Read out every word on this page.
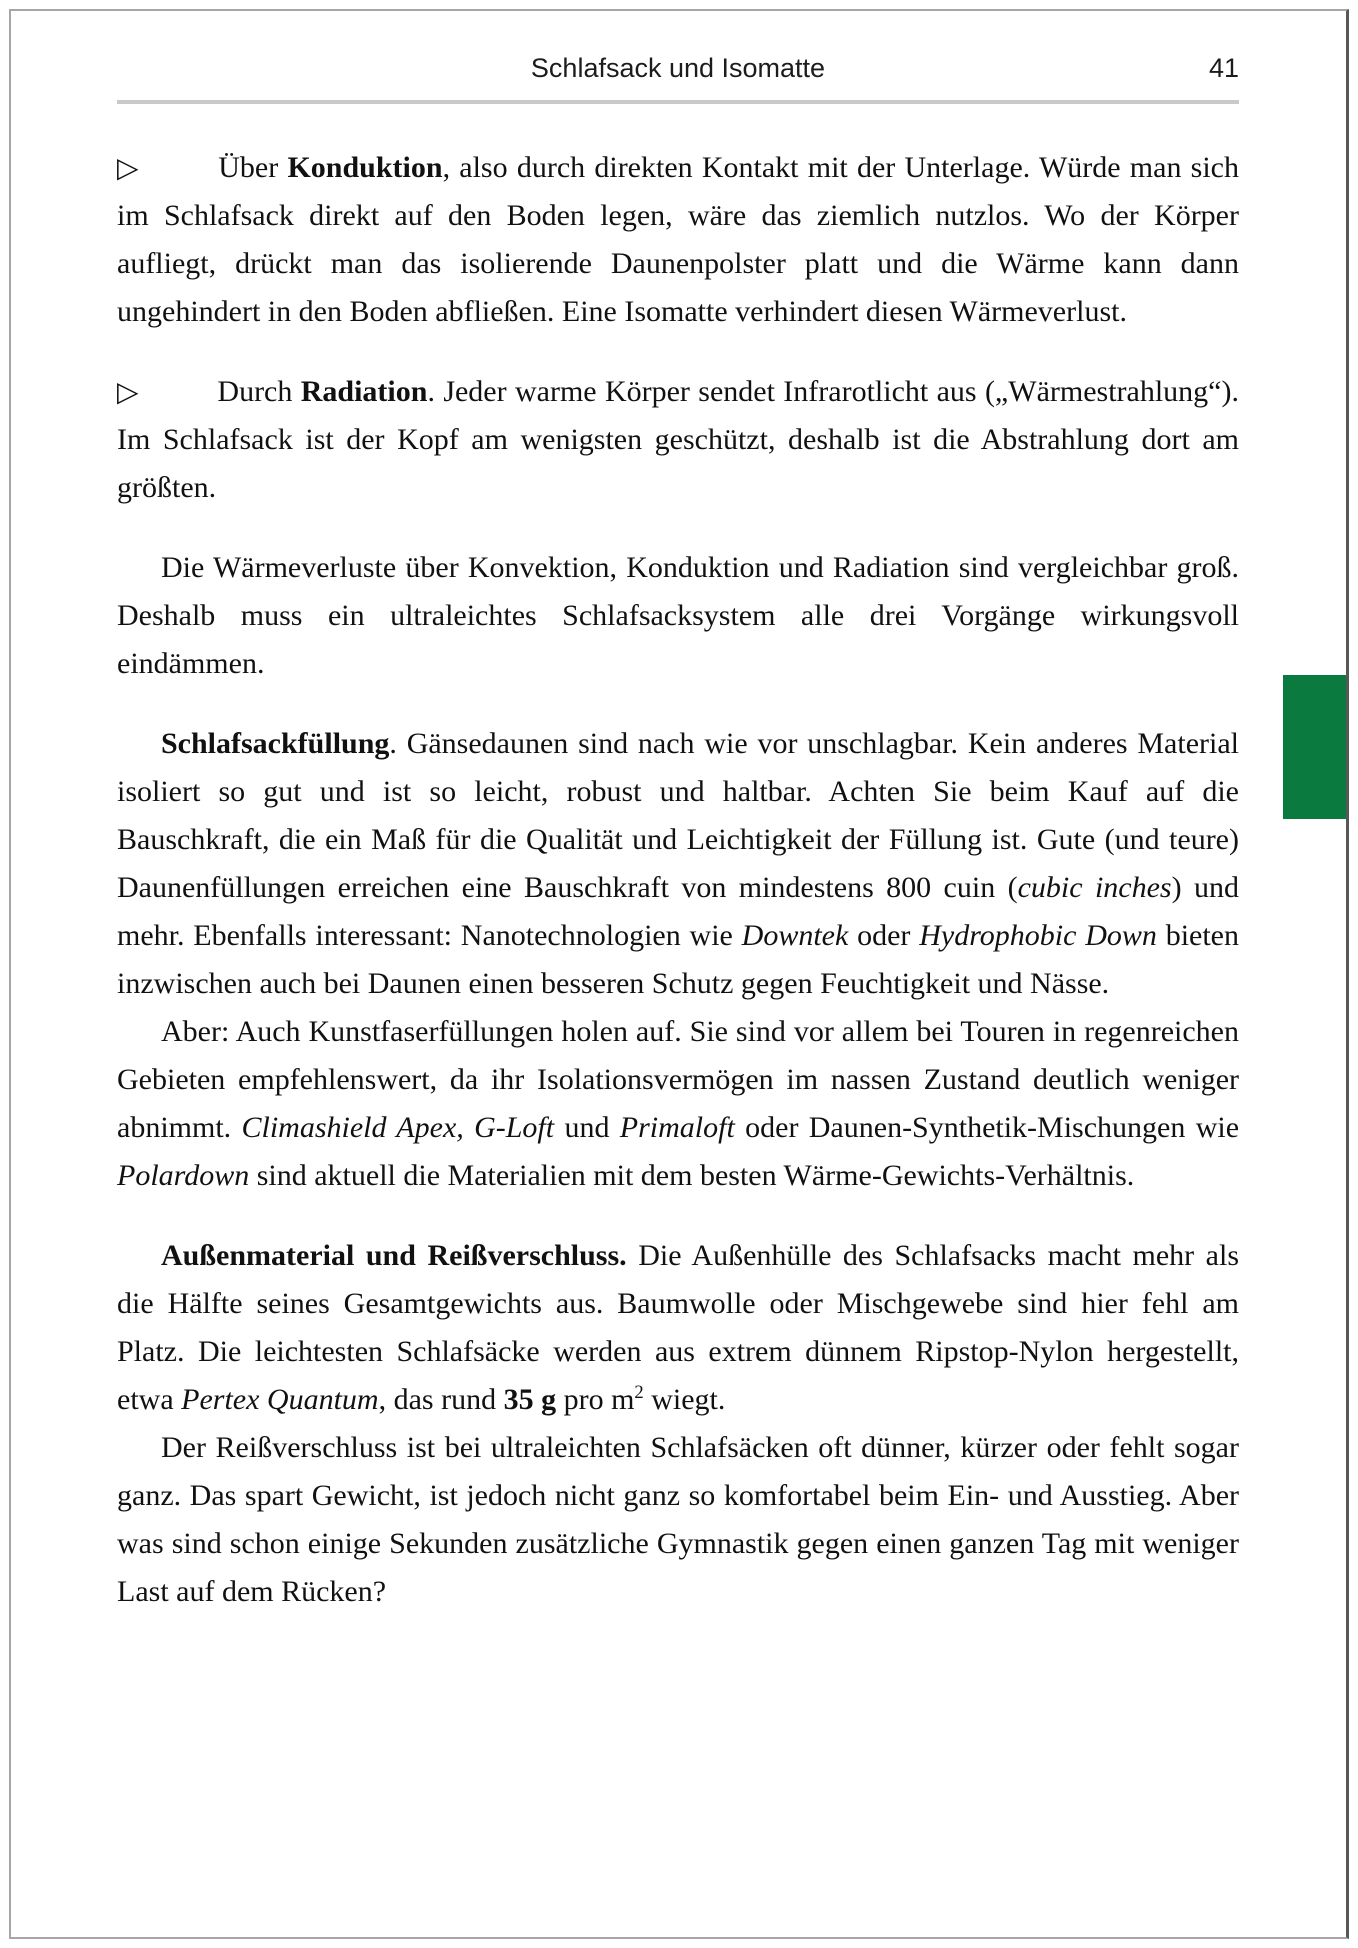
Schlafsack und Isomatte	41

▷	Über Konduktion, also durch direkten Kontakt mit der Unterlage. Würde man sich im Schlafsack direkt auf den Boden legen, wäre das ziemlich nutzlos. Wo der Körper aufliegt, drückt man das isolierende Daunenpolster platt und die Wärme kann dann ungehindert in den Boden abfließen. Eine Isomatte verhindert diesen Wärmeverlust.

▷	Durch Radiation. Jeder warme Körper sendet Infrarotlicht aus („Wärmestrahlung“). Im Schlafsack ist der Kopf am wenigsten geschützt, deshalb ist die Abstrahlung dort am größten.

Die Wärmeverluste über Konvektion, Konduktion und Radiation sind vergleichbar groß. Deshalb muss ein ultraleichtes Schlafsacksystem alle drei Vorgänge wirkungsvoll eindämmen.

Schlafsackfüllung. Gänsedaunen sind nach wie vor unschlagbar. Kein anderes Material isoliert so gut und ist so leicht, robust und haltbar. Achten Sie beim Kauf auf die Bauschkraft, die ein Maß für die Qualität und Leichtigkeit der Füllung ist. Gute (und teure) Daunenfüllungen erreichen eine Bauschkraft von mindestens 800 cuin (cubic inches) und mehr. Ebenfalls interessant: Nanotechnologien wie Downtek oder Hydrophobic Down bieten inzwischen auch bei Daunen einen besseren Schutz gegen Feuchtigkeit und Nässe.

Aber: Auch Kunstfaserfüllungen holen auf. Sie sind vor allem bei Touren in regenreichen Gebieten empfehlenswert, da ihr Isolationsvermögen im nassen Zustand deutlich weniger abnimmt. Climashield Apex, G-Loft und Primaloft oder Daunen-Synthetik-Mischungen wie Polardown sind aktuell die Materialien mit dem besten Wärme-Gewichts-Verhältnis.

Außenmaterial und Reißverschluss. Die Außenhülle des Schlafsacks macht mehr als die Hälfte seines Gesamtgewichts aus. Baumwolle oder Mischgewebe sind hier fehl am Platz. Die leichtesten Schlafsäcke werden aus extrem dünnem Ripstop-Nylon hergestellt, etwa Pertex Quantum, das rund 35 g pro $m^2$ wiegt.

Der Reißverschluss ist bei ultraleichten Schlafsäcken oft dünner, kürzer oder fehlt sogar ganz. Das spart Gewicht, ist jedoch nicht ganz so komfortabel beim Ein- und Ausstieg. Aber was sind schon einige Sekunden zusätzliche Gymnastik gegen einen ganzen Tag mit weniger Last auf dem Rücken?
